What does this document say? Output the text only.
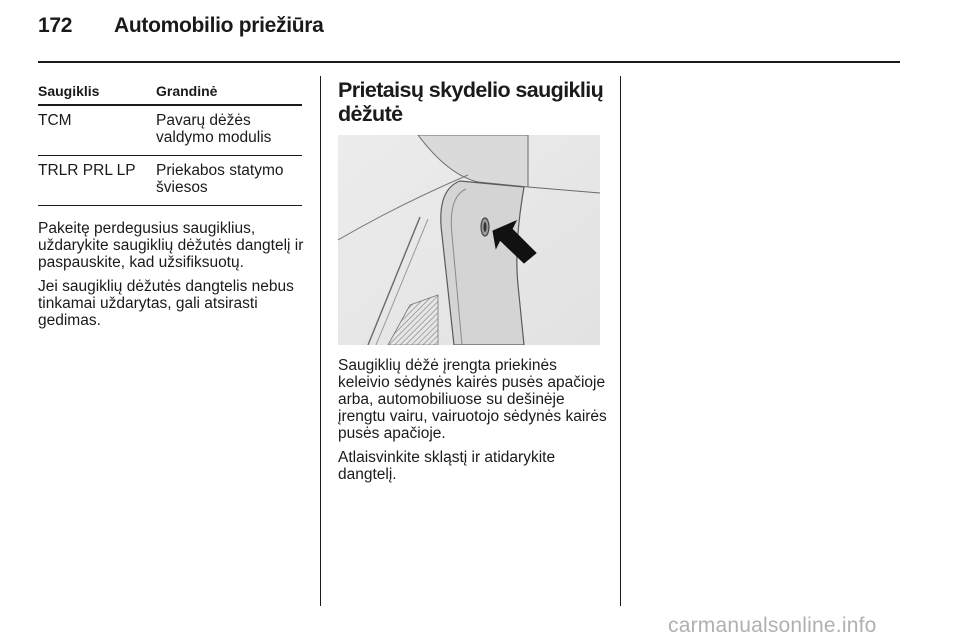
172 Automobilio priežiūra
Saugiklis	Grandinė
TCM	Pavarų dėžės valdymo modulis
TRLR PRL LP	Priekabos statymo šviesos

Pakeitę perdegusius saugiklius, uždarykite saugiklių dėžutės dangtelį ir paspauskite, kad užsifiksuotų.

Jei saugiklių dėžutės dangtelis nebus tinkamai uždarytas, gali atsirasti gedimas.

Prietaisų skydelio saugiklių dėžutė

Saugiklių dėžė įrengta priekinės keleivio sėdynės kairės pusės apačioje arba, automobiliuose su dešinėje įrengtu vairu, vairuotojo sėdynės kairės pusės apačioje.

Atlaisvinkite skląstį ir atidarykite dangtelį.

carmanualsonline.info
